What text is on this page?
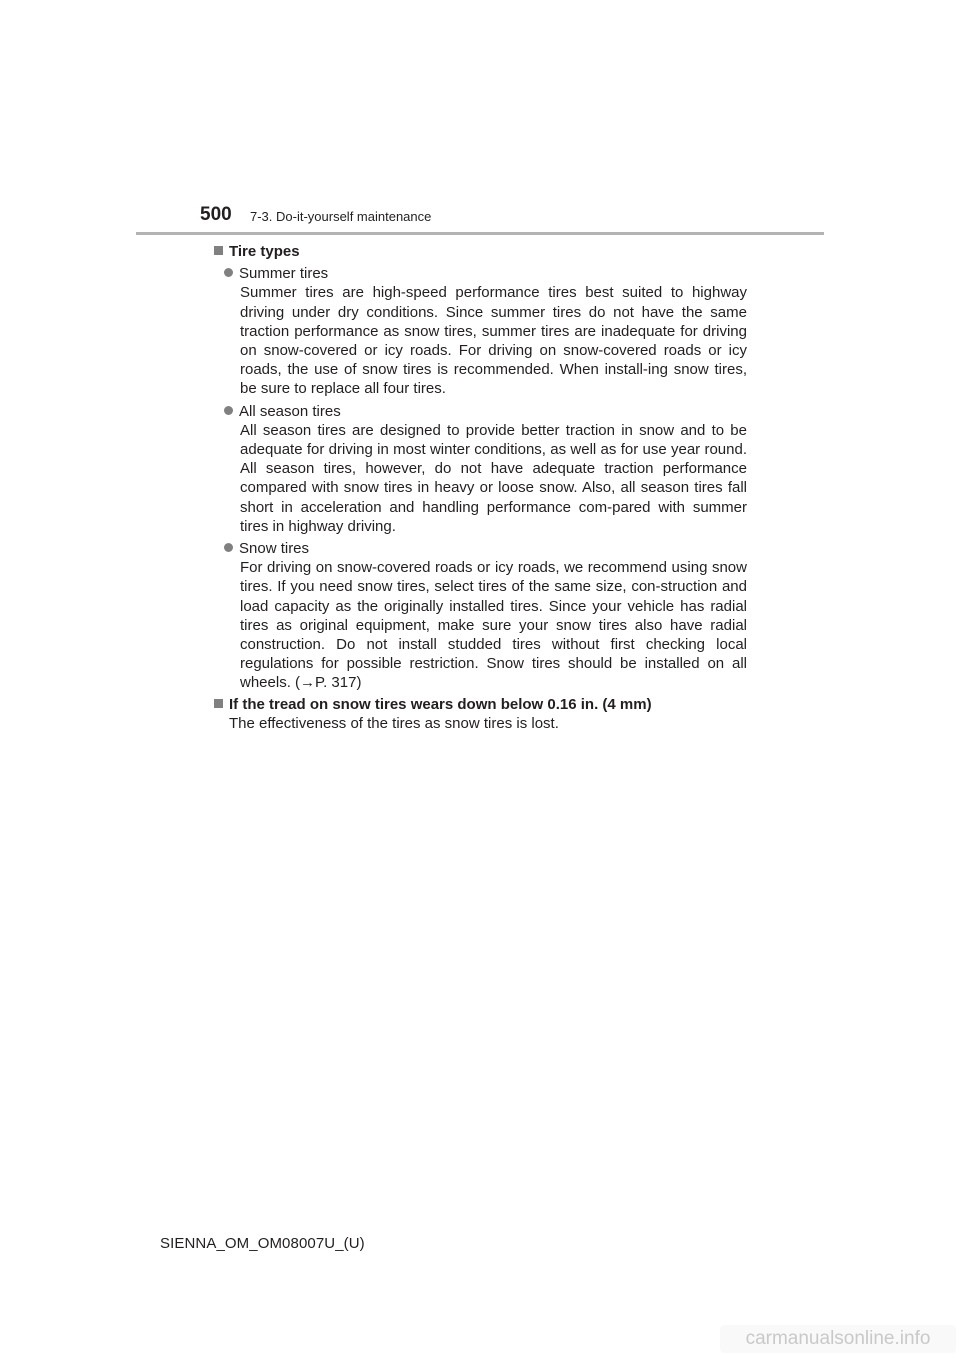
500 7-3. Do-it-yourself maintenance
Tire types
Summer tires
Summer tires are high-speed performance tires best suited to highway driving under dry conditions. Since summer tires do not have the same traction performance as snow tires, summer tires are inadequate for driving on snow-covered or icy roads. For driving on snow-covered roads or icy roads, the use of snow tires is recommended. When install-ing snow tires, be sure to replace all four tires.
All season tires
All season tires are designed to provide better traction in snow and to be adequate for driving in most winter conditions, as well as for use year round. All season tires, however, do not have adequate traction performance compared with snow tires in heavy or loose snow. Also, all season tires fall short in acceleration and handling performance com-pared with summer tires in highway driving.
Snow tires
For driving on snow-covered roads or icy roads, we recommend using snow tires. If you need snow tires, select tires of the same size, con-struction and load capacity as the originally installed tires. Since your vehicle has radial tires as original equipment, make sure your snow tires also have radial construction. Do not install studded tires without first checking local regulations for possible restriction. Snow tires should be installed on all wheels. (→P. 317)
If the tread on snow tires wears down below 0.16 in. (4 mm)
The effectiveness of the tires as snow tires is lost.
SIENNA_OM_OM08007U_(U)
carmanualsonline.info
